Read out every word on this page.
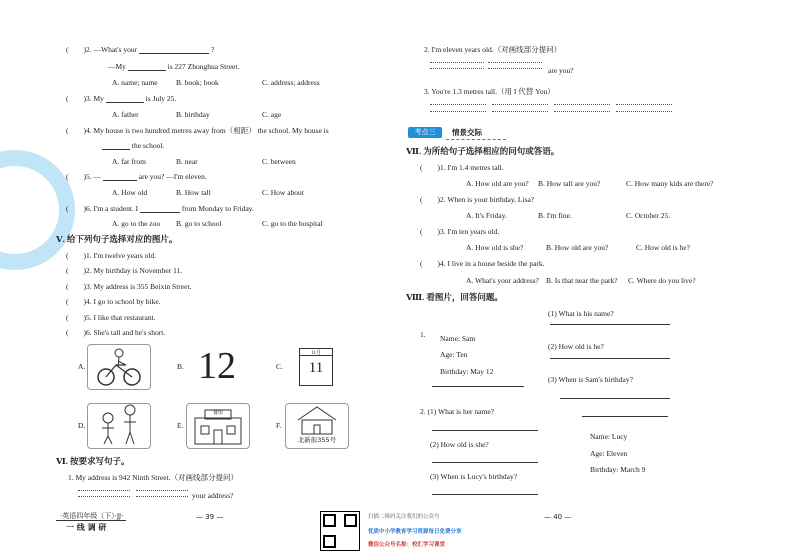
(　　)2. —What's your	?
—My	is 227 Zhonghua Street.
A. name; name B. book; book	C. address; address
(　　)3. My	is July 25.
A. father	B. birthday	C. age
(　　)4. My house is two hundred metres away from（相距） the school. My house is
the school.
A. far from	B. near	C. between
(　　)5. —	are you? —I'm eleven.
A. How old	B. How tall	C. How about
(　　)6. I'm a student. I	from Monday to Friday.
A. go to the zoo B. go to school	C. go to the hospital
Ⅴ. 给下列句子选择对应的图片。
(　　)1. I'm twelve years old.
(　　)2. My birthday is November 11.
(　　)3. My address is 355 Beixin Street.
(　　)4. I go to school by bike.
(　　)5. I like that restaurant.
(　　)6. She's tall and he's short.
A.	B. 12	C.
11月
11
D.	E.
餐馆
F.
北新街355号
Ⅵ. 按要求写句子。
1. My address is 942 Ninth Street.（对画线部分提问）
your address?
·英语四年级（下）·JJ·
一 线 调 研
— 39 —
2. I'm eleven years old.（对画线部分提问）
are you?
3. You're 1.3 metres tall.（用 I 代替 You）
考点三	情景交际
Ⅶ. 为所给句子选择相应的问句或答语。
(　　)1. I'm 1.4 metres tall.
A. How old are you? B. How tall are you?	C. How many kids are there?
(　　)2. When is your birthday, Lisa?
A. It's Friday.	B. I'm fine.	C. October 25.
(　　)3. I'm ten years old.
A. How old is she?	B. How old are you?	C. How old is he?
(　　)4. I live in a house beside the park.
A. What's your address? B. Is that near the park? C. Where do you live?
Ⅷ. 看图片，回答问题。
(1) What is his name?
1. Name: Sam
(2) How old is he?
Age: Ten
Birthday: May 12
(3) When is Sam's birthday?
2. (1) What is her name?
Name: Lucy
(2) How old is she?
Age: Eleven
Birthday: March 9
(3) When is Lucy's birthday?
— 40 —
扫描二维码关注我们的公众号
优质中小学教育学习资源每日免费分享
微信公众号名称：校汇学习课堂
